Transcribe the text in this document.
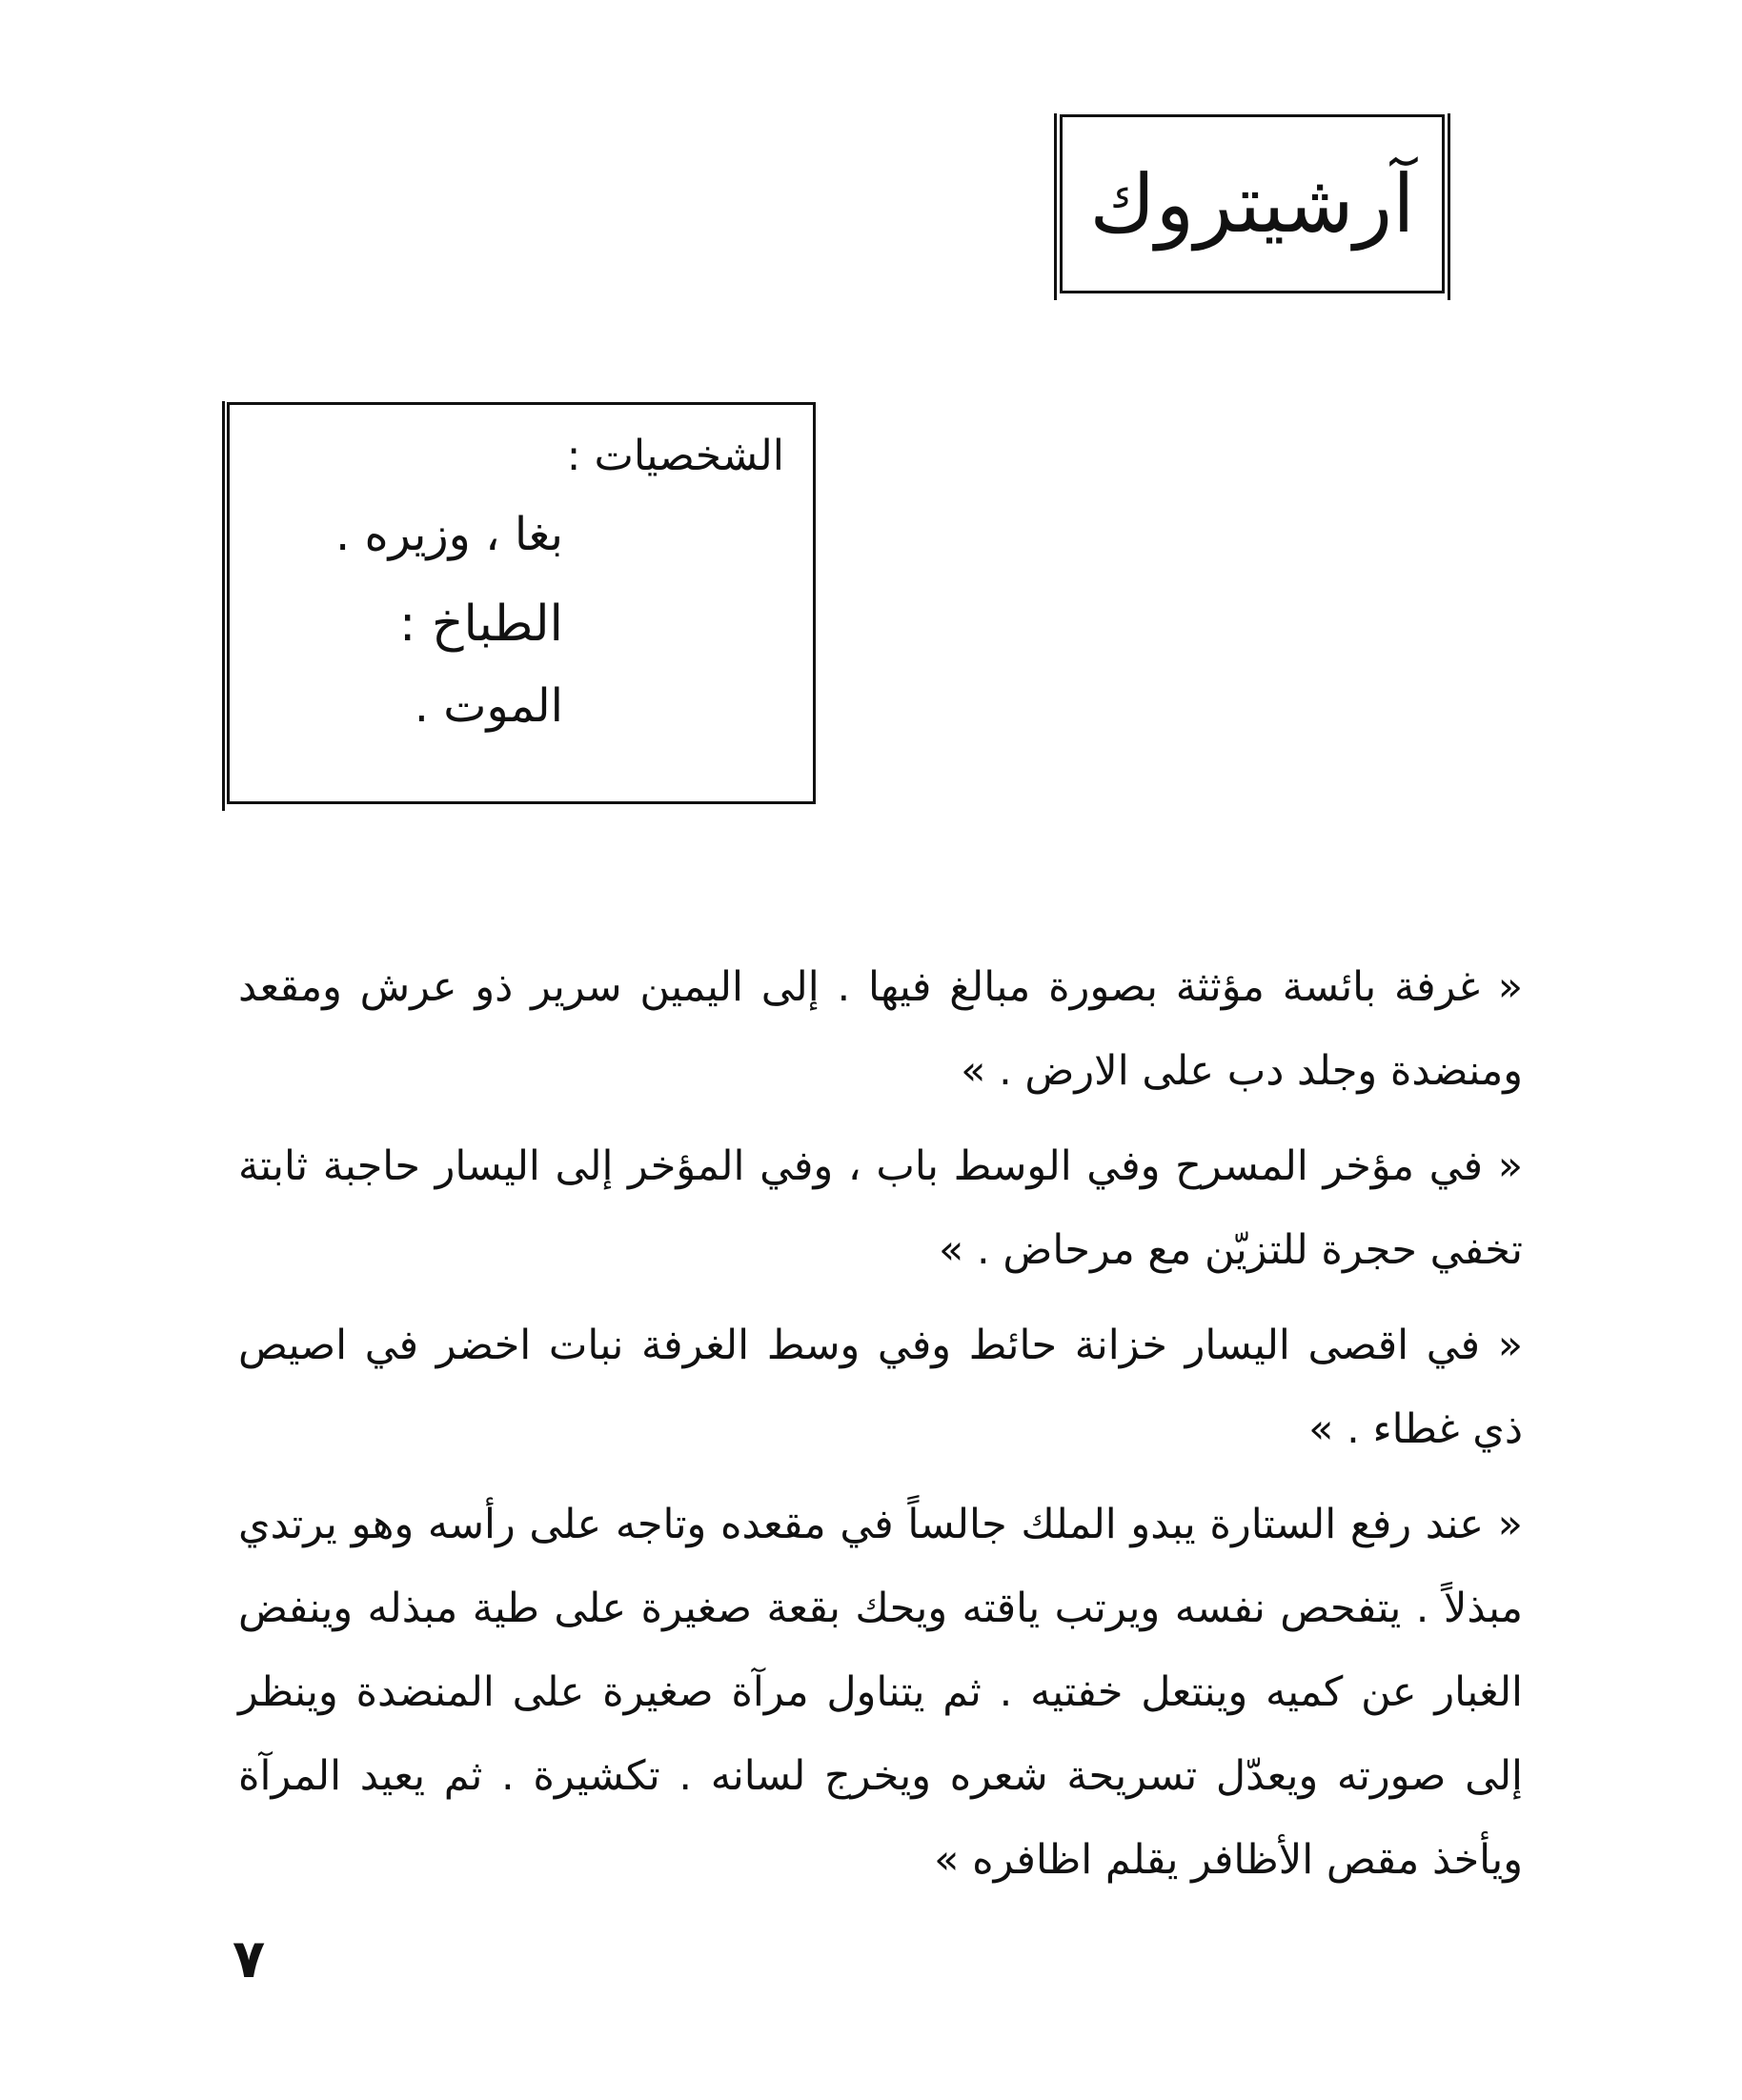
آرشيتروك
الشخصيات :
بغا ، وزيره .
الطباخ :
الموت .

« غرفة بائسة مؤثثة بصورة مبالغ فيها . إلى اليمين سرير ذو عرش ومقعد ومنضدة وجلد دب على الارض . »

« في مؤخر المسرح وفي الوسط باب ، وفي المؤخر إلى اليسار حاجبة ثابتة تخفي حجرة للتزيّن مع مرحاض . »

« في اقصى اليسار خزانة حائط وفي وسط الغرفة نبات اخضر في اصيص ذي غطاء . »

« عند رفع الستارة يبدو الملك جالساً في مقعده وتاجه على رأسه وهو يرتدي مبذلاً . يتفحص نفسه ويرتب ياقته ويحك بقعة صغيرة على طية مبذله وينفض الغبار عن كميه وينتعل خفتيه . ثم يتناول مرآة صغيرة على المنضدة وينظر إلى صورته ويعدّل تسريحة شعره ويخرج لسانه . تكشيرة . ثم يعيد المرآة ويأخذ مقص الأظافر يقلم اظافره »

٧
